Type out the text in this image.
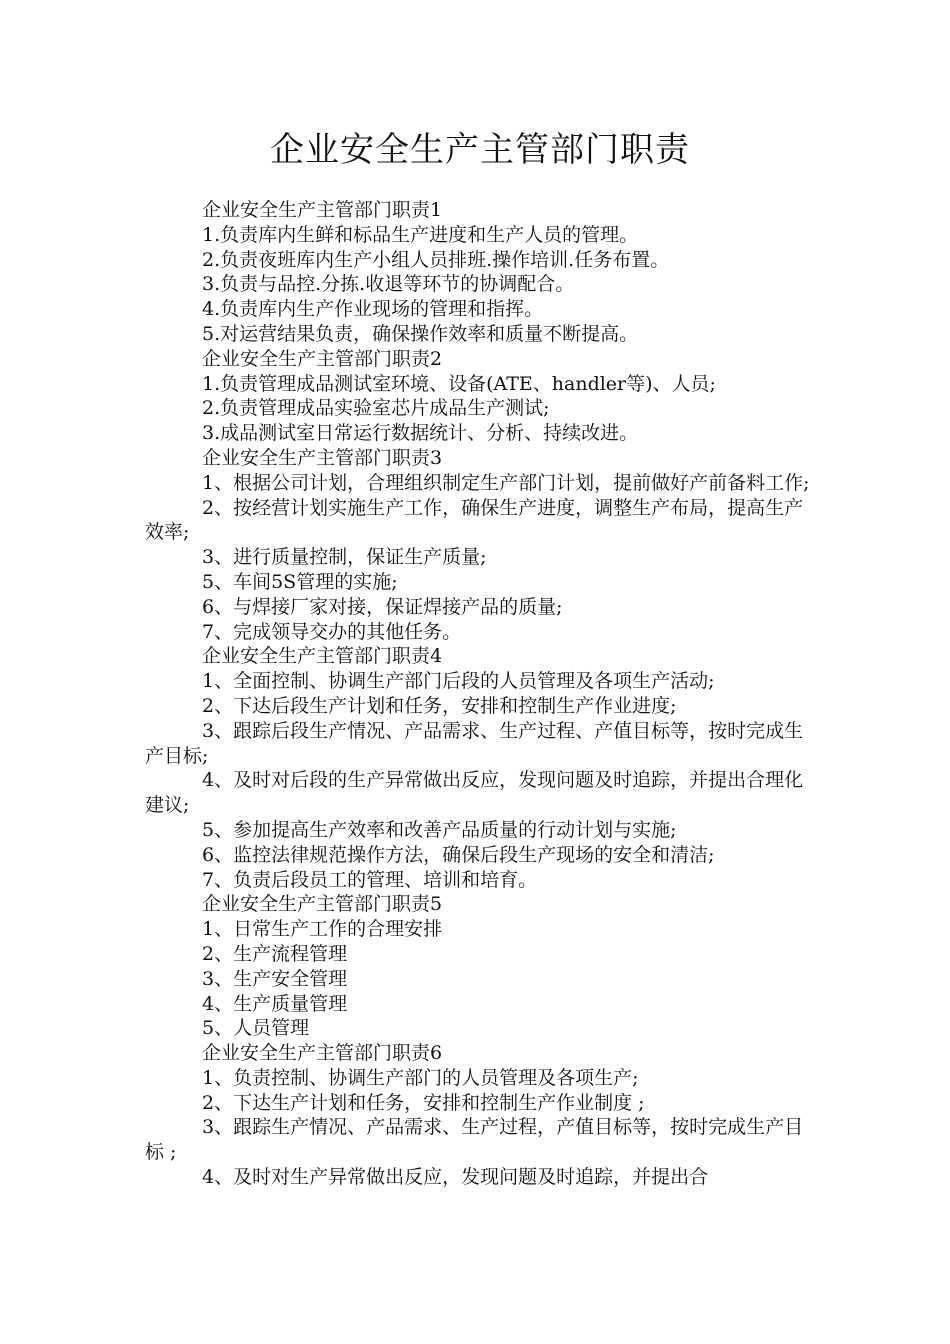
企业安全生产主管部门职责
企业安全生产主管部门职责1
1.负责库内生鲜和标品生产进度和生产人员的管理。
2.负责夜班库内生产小组人员排班.操作培训.任务布置。
3.负责与品控.分拣.收退等环节的协调配合。
4.负责库内生产作业现场的管理和指挥。
5.对运营结果负责，确保操作效率和质量不断提高。
企业安全生产主管部门职责2
1.负责管理成品测试室环境、设备(ATE、handler等)、人员;
2.负责管理成品实验室芯片成品生产测试;
3.成品测试室日常运行数据统计、分析、持续改进。
企业安全生产主管部门职责3
1、根据公司计划，合理组织制定生产部门计划，提前做好产前备料工作;
2、按经营计划实施生产工作，确保生产进度，调整生产布局，提高生产效率;
3、进行质量控制，保证生产质量;
5、车间5S管理的实施;
6、与焊接厂家对接，保证焊接产品的质量;
7、完成领导交办的其他任务。
企业安全生产主管部门职责4
1、全面控制、协调生产部门后段的人员管理及各项生产活动;
2、下达后段生产计划和任务，安排和控制生产作业进度;
3、跟踪后段生产情况、产品需求、生产过程、产值目标等，按时完成生产目标;
4、及时对后段的生产异常做出反应，发现问题及时追踪，并提出合理化建议;
5、参加提高生产效率和改善产品质量的行动计划与实施;
6、监控法律规范操作方法，确保后段生产现场的安全和清洁;
7、负责后段员工的管理、培训和培育。
企业安全生产主管部门职责5
1、日常生产工作的合理安排
2、生产流程管理
3、生产安全管理
4、生产质量管理
5、人员管理
企业安全生产主管部门职责6
1、负责控制、协调生产部门的人员管理及各项生产;
2、下达生产计划和任务，安排和控制生产作业制度 ;
3、跟踪生产情况、产品需求、生产过程，产值目标等，按时完成生产目标 ;
4、及时对生产异常做出反应，发现问题及时追踪，并提出合
